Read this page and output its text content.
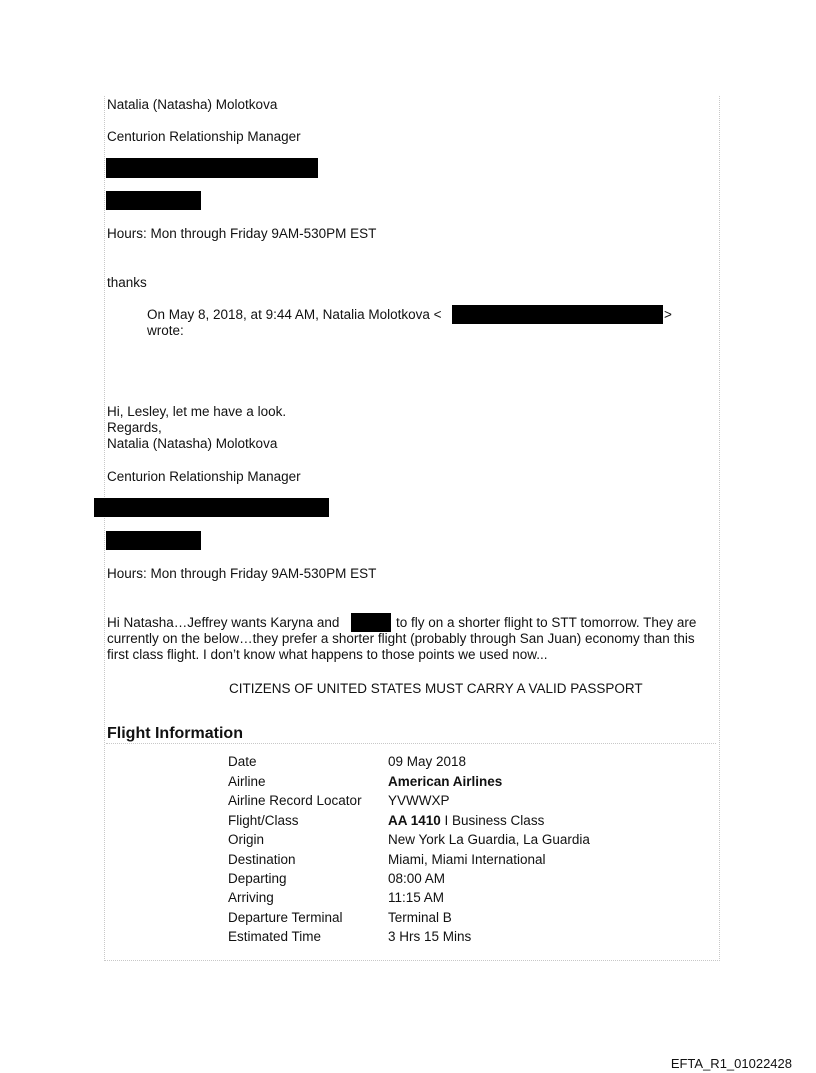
Natalia (Natasha) Molotkova
Centurion Relationship Manager
Hours: Mon through Friday 9AM-530PM EST
thanks
On May 8, 2018, at 9:44 AM, Natalia Molotkova <	>
wrote:
Hi, Lesley, let me have a look.
Regards,
Natalia (Natasha) Molotkova
Centurion Relationship Manager
Hours: Mon through Friday 9AM-530PM EST
Hi Natasha…Jeffrey wants Karyna and	to fly on a shorter flight to STT tomorrow. They are
currently on the below…they prefer a shorter flight (probably through San Juan) economy than this
first class flight. I don’t know what happens to those points we used now...
CITIZENS OF UNITED STATES MUST CARRY A VALID PASSPORT
Flight Information
Date	09 May 2018
Airline	American Airlines
Airline Record Locator YVWWXP
Flight/Class	AA 1410 I Business Class
Origin	New York La Guardia, La Guardia
Destination	Miami, Miami International
Departing	08:00 AM
Arriving	11:15 AM
Departure Terminal	Terminal B
Estimated Time	3 Hrs 15 Mins
EFTA_R1_01022428
